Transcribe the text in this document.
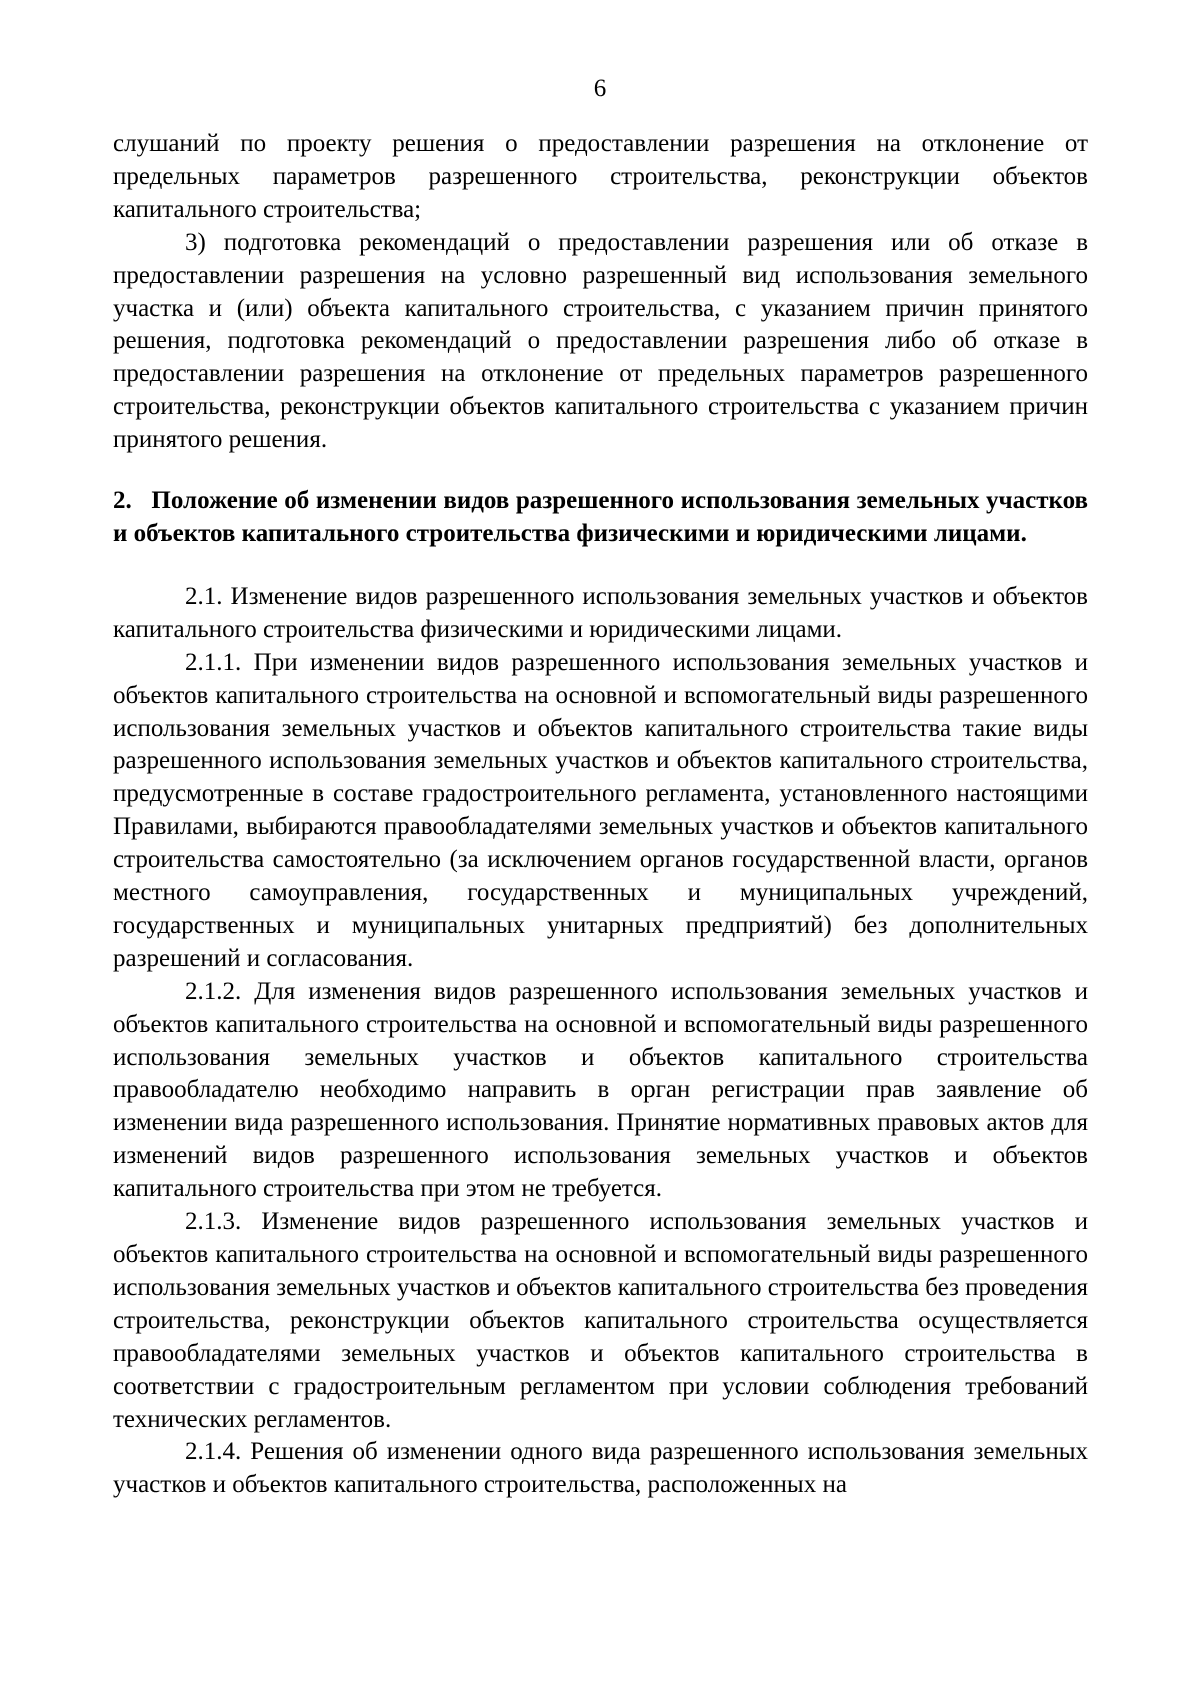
6

слушаний по проекту решения о предоставлении разрешения на отклонение от предельных параметров разрешенного строительства, реконструкции объектов капитального строительства;

3) подготовка рекомендаций о предоставлении разрешения или об отказе в предоставлении разрешения на условно разрешенный вид использования земельного участка и (или) объекта капитального строительства, с указанием причин принятого решения, подготовка рекомендаций о предоставлении разрешения либо об отказе в предоставлении разрешения на отклонение от предельных параметров разрешенного строительства, реконструкции объектов капитального строительства с указанием причин принятого решения.

2. Положение об изменении видов разрешенного использования земельных участков и объектов капитального строительства физическими и юридическими лицами.

2.1. Изменение видов разрешенного использования земельных участков и объектов капитального строительства физическими и юридическими лицами.

2.1.1. При изменении видов разрешенного использования земельных участков и объектов капитального строительства на основной и вспомогательный виды разрешенного использования земельных участков и объектов капитального строительства такие виды разрешенного использования земельных участков и объектов капитального строительства, предусмотренные в составе градостроительного регламента, установленного настоящими Правилами, выбираются правообладателями земельных участков и объектов капитального строительства самостоятельно (за исключением органов государственной власти, органов местного самоуправления, государственных и муниципальных учреждений, государственных и муниципальных унитарных предприятий) без дополнительных разрешений и согласования.

2.1.2. Для изменения видов разрешенного использования земельных участков и объектов капитального строительства на основной и вспомогательный виды разрешенного использования земельных участков и объектов капитального строительства правообладателю необходимо направить в орган регистрации прав заявление об изменении вида разрешенного использования. Принятие нормативных правовых актов для изменений видов разрешенного использования земельных участков и объектов капитального строительства при этом не требуется.

2.1.3. Изменение видов разрешенного использования земельных участков и объектов капитального строительства на основной и вспомогательный виды разрешенного использования земельных участков и объектов капитального строительства без проведения строительства, реконструкции объектов капитального строительства осуществляется правообладателями земельных участков и объектов капитального строительства в соответствии с градостроительным регламентом при условии соблюдения требований технических регламентов.

2.1.4. Решения об изменении одного вида разрешенного использования земельных участков и объектов капитального строительства, расположенных на
